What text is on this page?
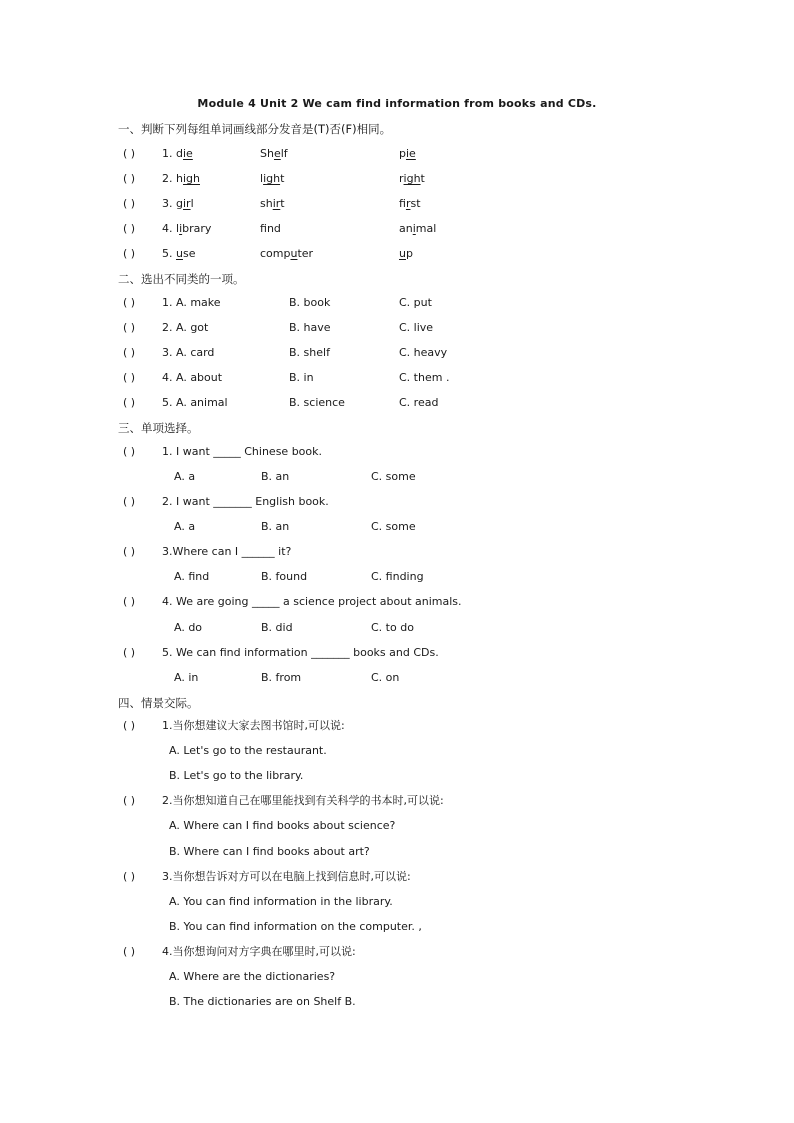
Module 4 Unit 2 We cam find information from books and CDs.
一、判断下列每组单词画线部分发音是(T)否(F)相同。
( ) 1. die	Shelf	pie
( ) 2. high	light	right
( ) 3. girl	shirt	first
( ) 4. library	fnd	animal
( ) 5. use	computer	up
二、选出不同类的一项。
( ) 1. A. make	B. book	C. put
( ) 2. A. got	B. have	C. live
( ) 3. A. card	B. shelf	C. heavy
( ) 4. A. about	B. in	C. them .
( ) 5. A. animal	B. science	C. read
三、单项选择。
( ) 1. I want _____ Chinese book.
A. a	B. an	C. some
( ) 2. I want _______ English book.
A. a	B. an	C. some
( ) 3.Where can I ______ it?
A. find	B. found	C. finding
( ) 4. We are going _____ a science project about animals.
A. do	B. did	C. to do
( ) 5. We can find information _______ books and CDs.
A. in	B. from	C. on
四、情景交际。
( ) 1.当你想建议大家去图书馆时,可以说:
A. Let's go to the restaurant.
B. Let's go to the library.
( ) 2.当你想知道自己在哪里能找到有关科学的书本时,可以说:
A. Where can I find books about science?
B. Where can I find books about art?
( ) 3.当你想告诉对方可以在电脑上找到信息时,可以说:
A. You can find information in the library.
B. You can find information on the computer. ,
( ) 4.当你想询问对方字典在哪里时,可以说:
A. Where are the dictionaries?
B. The dictionaries are on Shelf B.
